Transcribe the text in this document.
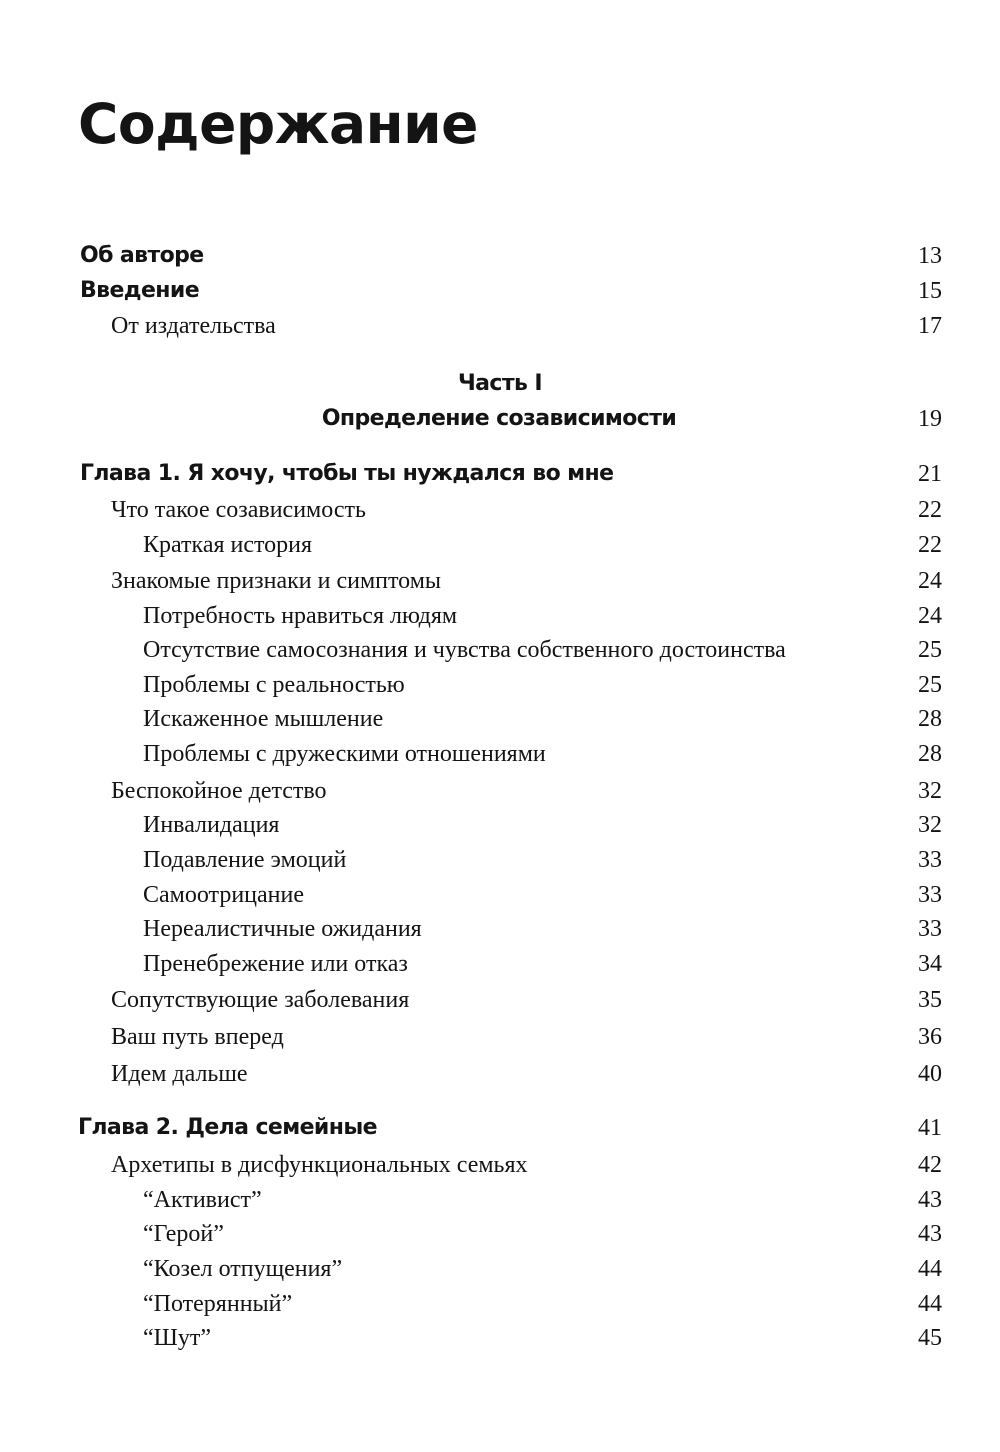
Содержание
Об авторе	13
Введение	15
От издательства	17
Часть I
Определение созависимости	19
Глава 1. Я хочу, чтобы ты нуждался во мне	21
Что такое созависимость	22
Краткая история	22
Знакомые признаки и симптомы	24
Потребность нравиться людям	24
Отсутствие самосознания и чувства собственного достоинства	25
Проблемы с реальностью	25
Искаженное мышление	28
Проблемы с дружескими отношениями	28
Беспокойное детство	32
Инвалидация	32
Подавление эмоций	33
Самоотрицание	33
Нереалистичные ожидания	33
Пренебрежение или отказ	34
Сопутствующие заболевания	35
Ваш путь вперед	36
Идем дальше	40
Глава 2. Дела семейные	41
Архетипы в дисфункциональных семьях	42
“Активист”	43
“Герой”	43
“Козел отпущения”	44
“Потерянный”	44
“Шут”	45
